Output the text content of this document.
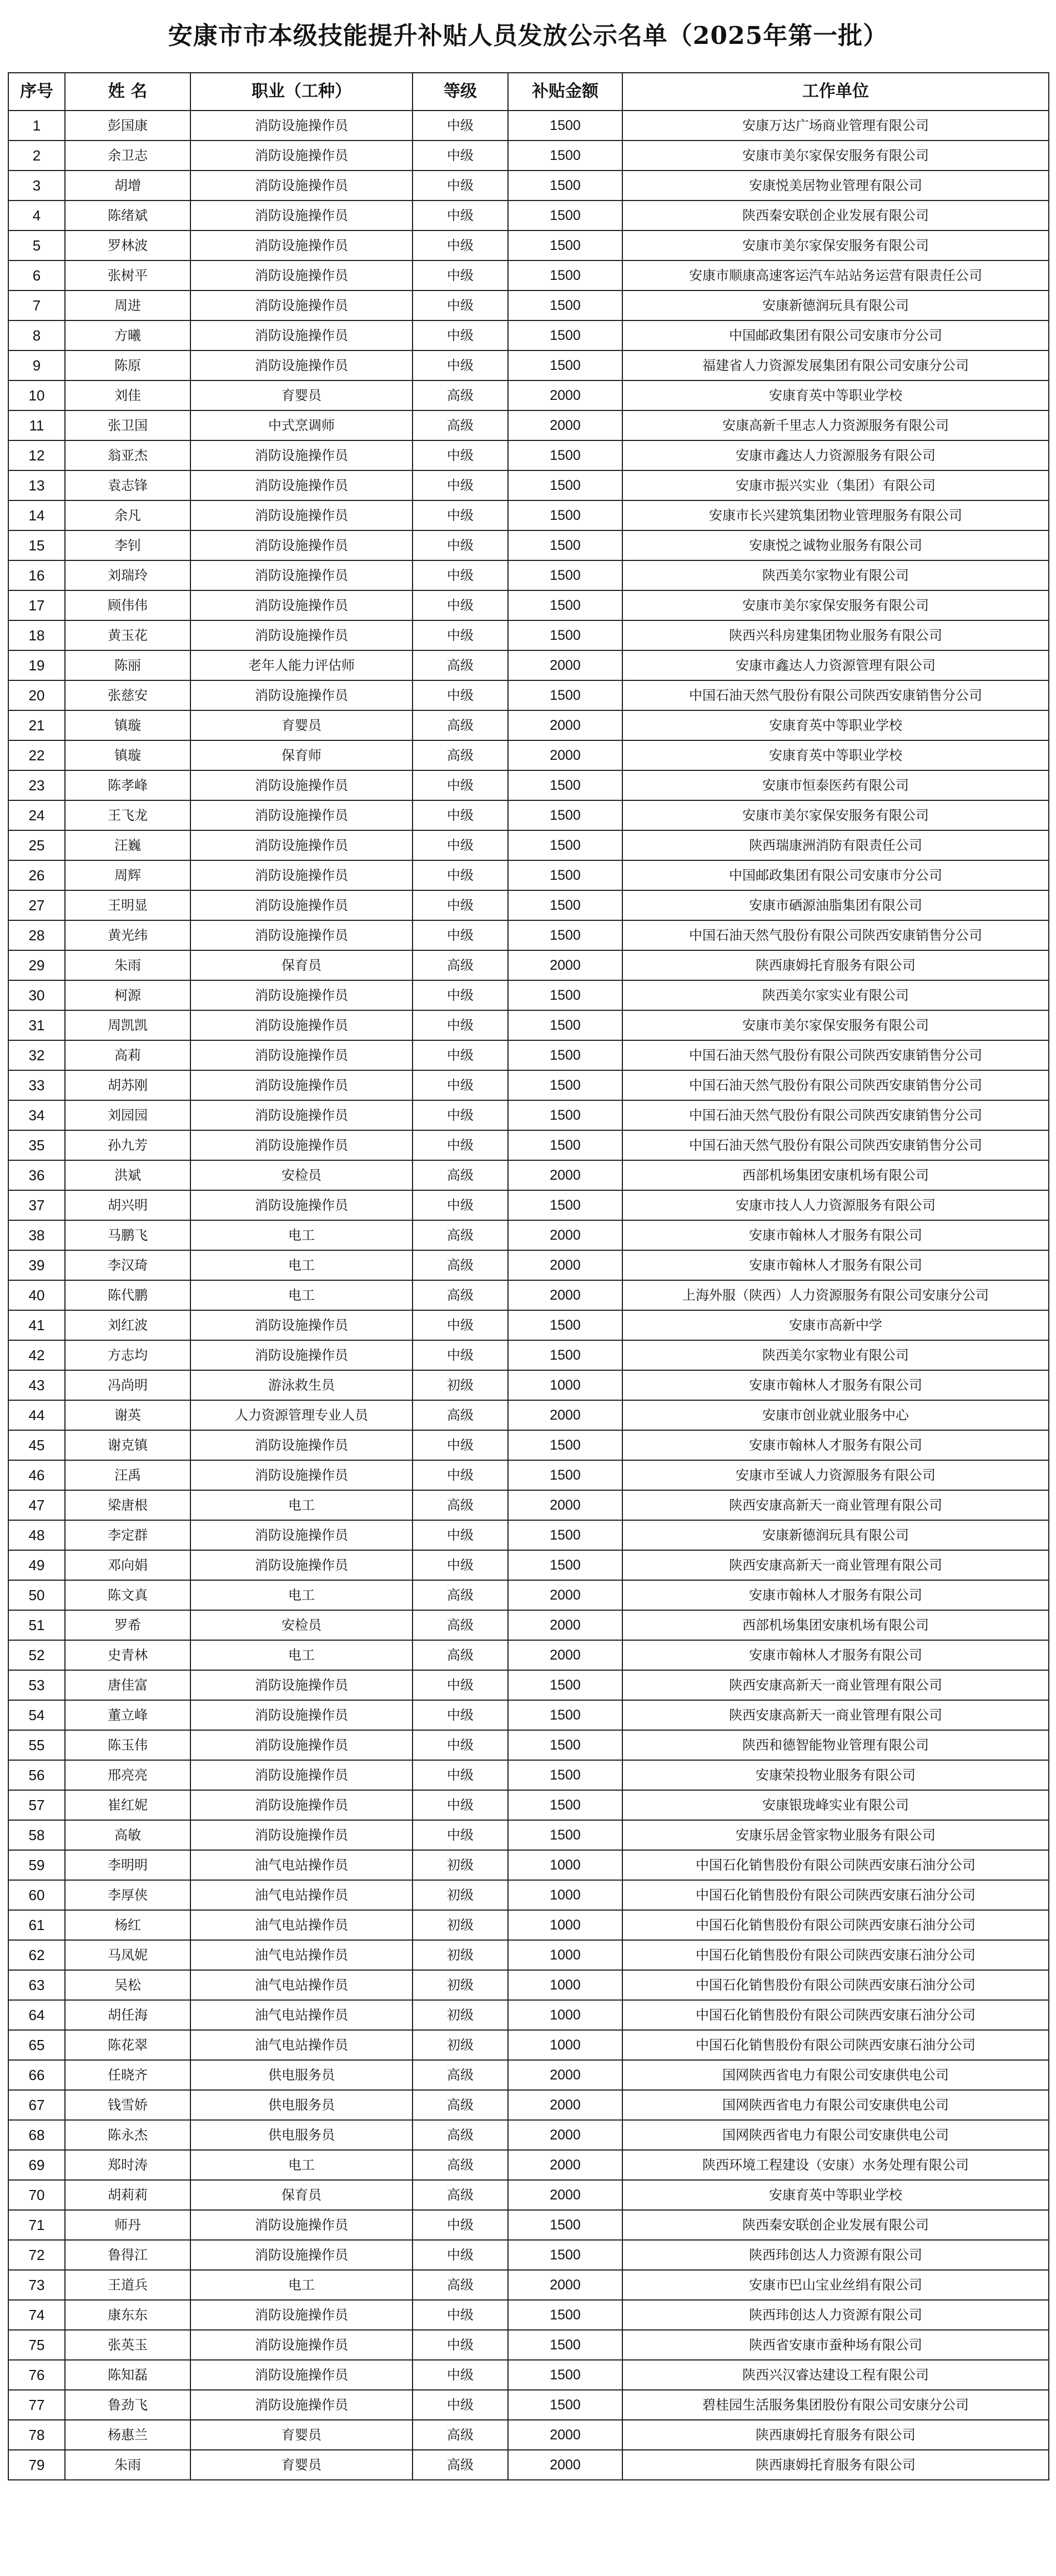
安康市市本级技能提升补贴人员发放公示名单（2025年第一批）
序号	姓 名	职业（工种）	等级	补贴金额	工作单位
1	彭国康	消防设施操作员	中级	1500	安康万达广场商业管理有限公司
2	余卫志	消防设施操作员	中级	1500	安康市美尔家保安服务有限公司
3	胡增	消防设施操作员	中级	1500	安康悦美居物业管理有限公司
4	陈绪斌	消防设施操作员	中级	1500	陕西秦安联创企业发展有限公司
5	罗林波	消防设施操作员	中级	1500	安康市美尔家保安服务有限公司
6	张树平	消防设施操作员	中级	1500	安康市顺康高速客运汽车站站务运营有限责任公司
7	周进	消防设施操作员	中级	1500	安康新德润玩具有限公司
8	方曦	消防设施操作员	中级	1500	中国邮政集团有限公司安康市分公司
9	陈原	消防设施操作员	中级	1500	福建省人力资源发展集团有限公司安康分公司
10	刘佳	育婴员	高级	2000	安康育英中等职业学校
11	张卫国	中式烹调师	高级	2000	安康高新千里志人力资源服务有限公司
12	翁亚杰	消防设施操作员	中级	1500	安康市鑫达人力资源服务有限公司
13	袁志锋	消防设施操作员	中级	1500	安康市振兴实业（集团）有限公司
14	余凡	消防设施操作员	中级	1500	安康市长兴建筑集团物业管理服务有限公司
15	李钊	消防设施操作员	中级	1500	安康悦之诚物业服务有限公司
16	刘瑞玲	消防设施操作员	中级	1500	陕西美尔家物业有限公司
17	顾伟伟	消防设施操作员	中级	1500	安康市美尔家保安服务有限公司
18	黄玉花	消防设施操作员	中级	1500	陕西兴科房建集团物业服务有限公司
19	陈丽	老年人能力评估师	高级	2000	安康市鑫达人力资源管理有限公司
20	张慈安	消防设施操作员	中级	1500	中国石油天然气股份有限公司陕西安康销售分公司
21	镇璇	育婴员	高级	2000	安康育英中等职业学校
22	镇璇	保育师	高级	2000	安康育英中等职业学校
23	陈孝峰	消防设施操作员	中级	1500	安康市恒泰医药有限公司
24	王飞龙	消防设施操作员	中级	1500	安康市美尔家保安服务有限公司
25	汪巍	消防设施操作员	中级	1500	陕西瑞康洲消防有限责任公司
26	周辉	消防设施操作员	中级	1500	中国邮政集团有限公司安康市分公司
27	王明显	消防设施操作员	中级	1500	安康市硒源油脂集团有限公司
28	黄光纬	消防设施操作员	中级	1500	中国石油天然气股份有限公司陕西安康销售分公司
29	朱雨	保育员	高级	2000	陕西康姆托育服务有限公司
30	柯源	消防设施操作员	中级	1500	陕西美尔家实业有限公司
31	周凯凯	消防设施操作员	中级	1500	安康市美尔家保安服务有限公司
32	高莉	消防设施操作员	中级	1500	中国石油天然气股份有限公司陕西安康销售分公司
33	胡苏刚	消防设施操作员	中级	1500	中国石油天然气股份有限公司陕西安康销售分公司
34	刘园园	消防设施操作员	中级	1500	中国石油天然气股份有限公司陕西安康销售分公司
35	孙九芳	消防设施操作员	中级	1500	中国石油天然气股份有限公司陕西安康销售分公司
36	洪斌	安检员	高级	2000	西部机场集团安康机场有限公司
37	胡兴明	消防设施操作员	中级	1500	安康市技人人力资源服务有限公司
38	马鹏飞	电工	高级	2000	安康市翰林人才服务有限公司
39	李汉琦	电工	高级	2000	安康市翰林人才服务有限公司
40	陈代鹏	电工	高级	2000	上海外服（陕西）人力资源服务有限公司安康分公司
41	刘红波	消防设施操作员	中级	1500	安康市高新中学
42	方志均	消防设施操作员	中级	1500	陕西美尔家物业有限公司
43	冯尚明	游泳救生员	初级	1000	安康市翰林人才服务有限公司
44	谢英	人力资源管理专业人员	高级	2000	安康市创业就业服务中心
45	谢克镇	消防设施操作员	中级	1500	安康市翰林人才服务有限公司
46	汪禹	消防设施操作员	中级	1500	安康市至诚人力资源服务有限公司
47	梁唐根	电工	高级	2000	陕西安康高新天一商业管理有限公司
48	李定群	消防设施操作员	中级	1500	安康新德润玩具有限公司
49	邓向娟	消防设施操作员	中级	1500	陕西安康高新天一商业管理有限公司
50	陈文真	电工	高级	2000	安康市翰林人才服务有限公司
51	罗希	安检员	高级	2000	西部机场集团安康机场有限公司
52	史青林	电工	高级	2000	安康市翰林人才服务有限公司
53	唐佳富	消防设施操作员	中级	1500	陕西安康高新天一商业管理有限公司
54	董立峰	消防设施操作员	中级	1500	陕西安康高新天一商业管理有限公司
55	陈玉伟	消防设施操作员	中级	1500	陕西和德智能物业管理有限公司
56	邢亮亮	消防设施操作员	中级	1500	安康荣投物业服务有限公司
57	崔红妮	消防设施操作员	中级	1500	安康银珑峰实业有限公司
58	高敏	消防设施操作员	中级	1500	安康乐居金管家物业服务有限公司
59	李明明	油气电站操作员	初级	1000	中国石化销售股份有限公司陕西安康石油分公司
60	李厚侠	油气电站操作员	初级	1000	中国石化销售股份有限公司陕西安康石油分公司
61	杨红	油气电站操作员	初级	1000	中国石化销售股份有限公司陕西安康石油分公司
62	马凤妮	油气电站操作员	初级	1000	中国石化销售股份有限公司陕西安康石油分公司
63	吴松	油气电站操作员	初级	1000	中国石化销售股份有限公司陕西安康石油分公司
64	胡任海	油气电站操作员	初级	1000	中国石化销售股份有限公司陕西安康石油分公司
65	陈花翠	油气电站操作员	初级	1000	中国石化销售股份有限公司陕西安康石油分公司
66	任晓齐	供电服务员	高级	2000	国网陕西省电力有限公司安康供电公司
67	钱雪娇	供电服务员	高级	2000	国网陕西省电力有限公司安康供电公司
68	陈永杰	供电服务员	高级	2000	国网陕西省电力有限公司安康供电公司
69	郑时涛	电工	高级	2000	陕西环境工程建设（安康）水务处理有限公司
70	胡莉莉	保育员	高级	2000	安康育英中等职业学校
71	师丹	消防设施操作员	中级	1500	陕西秦安联创企业发展有限公司
72	鲁得江	消防设施操作员	中级	1500	陕西玮创达人力资源有限公司
73	王道兵	电工	高级	2000	安康市巴山宝业丝绢有限公司
74	康东东	消防设施操作员	中级	1500	陕西玮创达人力资源有限公司
75	张英玉	消防设施操作员	中级	1500	陕西省安康市蚕种场有限公司
76	陈知磊	消防设施操作员	中级	1500	陕西兴汉睿达建设工程有限公司
77	鲁劲飞	消防设施操作员	中级	1500	碧桂园生活服务集团股份有限公司安康分公司
78	杨惠兰	育婴员	高级	2000	陕西康姆托育服务有限公司
79	朱雨	育婴员	高级	2000	陕西康姆托育服务有限公司
